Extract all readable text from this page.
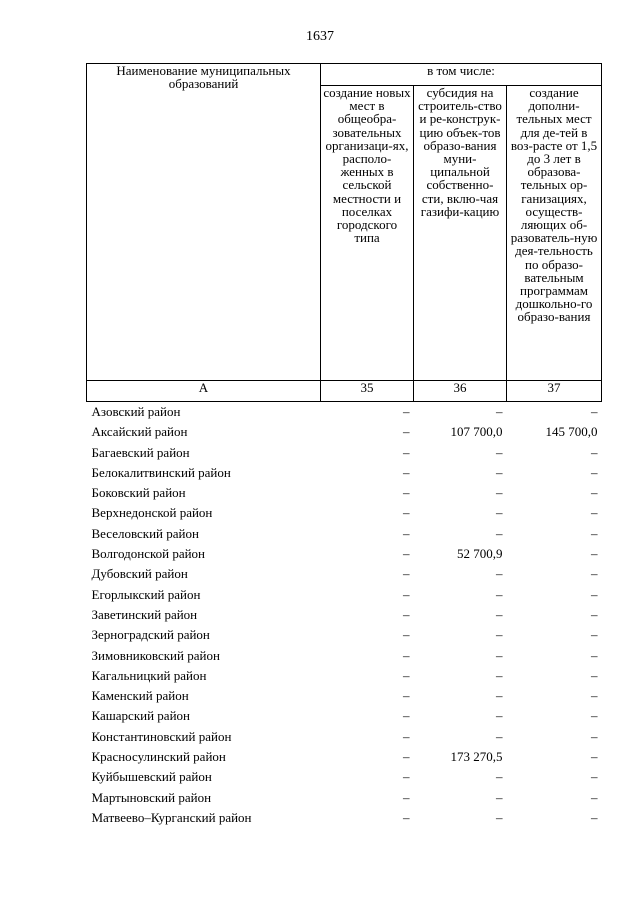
1637
Наименование муниципальных образований	в том числе:		
	создание новых мест в общеобра-зовательных организаци-ях, располо-женных в сельской местности и поселках городского типа	субсидия на строитель-ство и ре-конструк-цию объек-тов образо-вания муни-ципальной собственно-сти, вклю-чая газифи-кацию	создание дополни-тельных мест для де-тей в воз-расте от 1,5 до 3 лет в образова-тельных ор-ганизациях, осуществ-ляющих об-разователь-ную дея-тельность по образо-вательным программам дошкольно-го образо-вания
А	35	36	37
Азовский район	–	–	–
Аксайский район	–	107 700,0	145 700,0
Багаевский район	–	–	–
Белокалитвинский район	–	–	–
Боковский район	–	–	–
Верхнедонской район	–	–	–
Веселовский район	–	–	–
Волгодонской район	–	52 700,9	–
Дубовский район	–	–	–
Егорлыкский район	–	–	–
Заветинский район	–	–	–
Зерноградский район	–	–	–
Зимовниковский район	–	–	–
Кагальницкий район	–	–	–
Каменский район	–	–	–
Кашарский район	–	–	–
Константиновский район	–	–	–
Красносулинский район	–	173 270,5	–
Куйбышевский район	–	–	–
Мартыновский район	–	–	–
Матвеево–Курганский район	–	–	–
